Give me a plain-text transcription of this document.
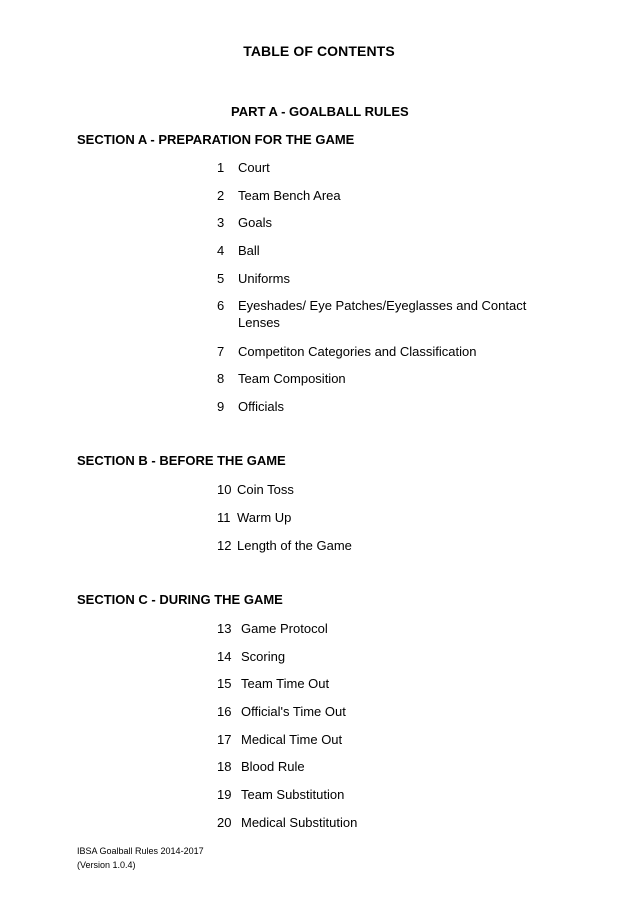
TABLE OF CONTENTS
PART A - GOALBALL RULES
SECTION A - PREPARATION FOR THE GAME
1 Court
2 Team Bench Area
3 Goals
4 Ball
5 Uniforms
6 Eyeshades/ Eye Patches/Eyeglasses and Contact
Lenses
7 Competiton Categories and Classification
8 Team Composition
9 Officials
SECTION B - BEFORE THE GAME
10 Coin Toss
11 Warm Up
12 Length of the Game
SECTION C - DURING THE GAME
13 Game Protocol
14 Scoring
15 Team Time Out
16 Official's Time Out
17 Medical Time Out
18 Blood Rule
19 Team Substitution
20 Medical Substitution
IBSA Goalball Rules 2014-2017
(Version 1.0.4)
